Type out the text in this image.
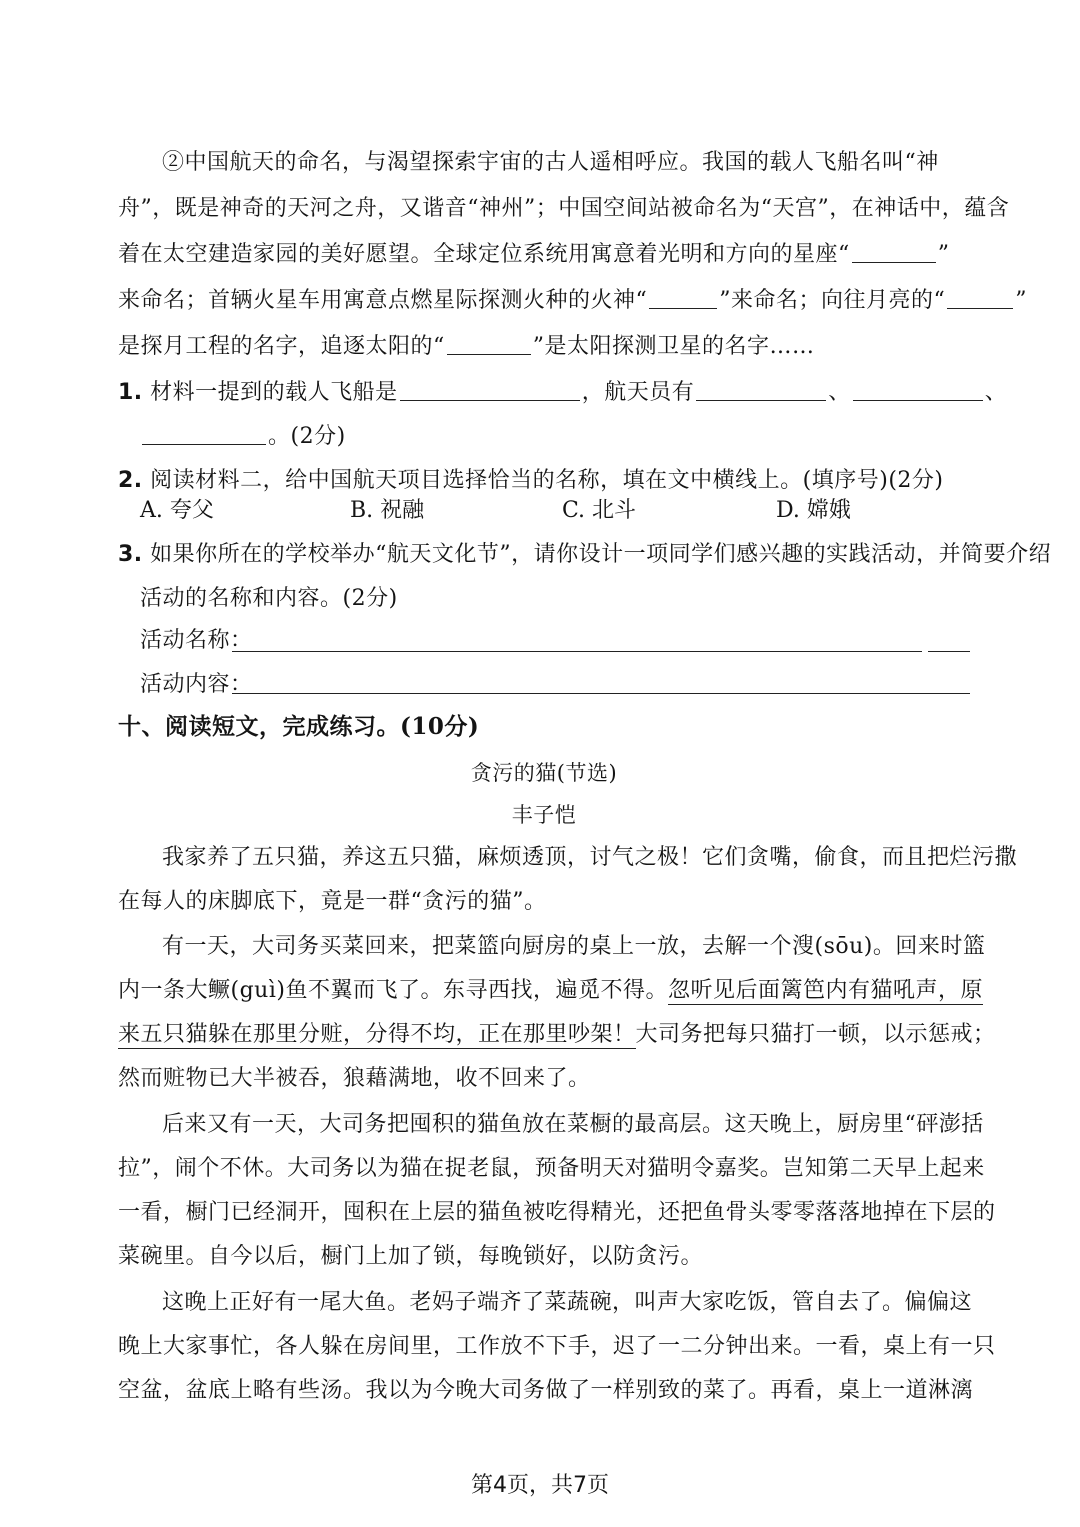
②中国航天的命名，与渴望探索宇宙的古人遥相呼应。我国的载人飞船名叫“神
舟”，既是神奇的天河之舟，又谐音“神州”；中国空间站被命名为“天宫”，在神话中，蕴含
着在太空建造家园的美好愿望。全球定位系统用寓意着光明和方向的星座“	”
来命名；首辆火星车用寓意点燃星际探测火种的火神“	”来命名；向往月亮的“	”
是探月工程的名字，追逐太阳的“	”是太阳探测卫星的名字……
1. 材料一提到的载人飞船是	，航天员有	、	、
。(2分)
2. 阅读材料二，给中国航天项目选择恰当的名称，填在文中横线上。(填序号)(2分)
A. 夸父	B. 祝融	C. 北斗	D. 嫦娥
3. 如果你所在的学校举办“航天文化节”，请你设计一项同学们感兴趣的实践活动，并简要介绍
活动的名称和内容。(2分)
活动名称：
活动内容：
十、阅读短文，完成练习。(10分)
贪污的猫(节选)
丰子恺
我家养了五只猫，养这五只猫，麻烦透顶，讨气之极！它们贪嘴，偷食，而且把烂污撒
在每人的床脚底下，竟是一群“贪污的猫”。
有一天，大司务买菜回来，把菜篮向厨房的桌上一放，去解一个溲(sōu)。回来时篮
内一条大鳜(guì)鱼不翼而飞了。东寻西找，遍觅不得。忽听见后面篱笆内有猫吼声，原
来五只猫躲在那里分赃，分得不均，正在那里吵架！大司务把每只猫打一顿，以示惩戒；
然而赃物已大半被吞，狼藉满地，收不回来了。
后来又有一天，大司务把囤积的猫鱼放在菜橱的最高层。这天晚上，厨房里“砰澎括
拉”，闹个不休。大司务以为猫在捉老鼠，预备明天对猫明令嘉奖。岂知第二天早上起来
一看，橱门已经洞开，囤积在上层的猫鱼被吃得精光，还把鱼骨头零零落落地掉在下层的
菜碗里。自今以后，橱门上加了锁，每晚锁好，以防贪污。
这晚上正好有一尾大鱼。老妈子端齐了菜蔬碗，叫声大家吃饭，管自去了。偏偏这
晚上大家事忙，各人躲在房间里，工作放不下手，迟了一二分钟出来。一看，桌上有一只
空盆，盆底上略有些汤。我以为今晚大司务做了一样别致的菜了。再看，桌上一道淋漓
第4页，共7页
